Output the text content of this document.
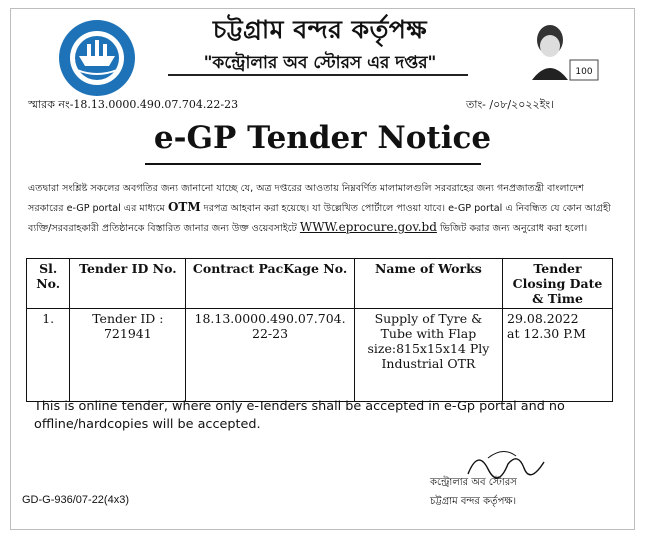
চট্টগ্রাম বন্দর কর্তৃপক্ষ
"কন্ট্রোলার অব স্টোরস এর দপ্তর"	100
স্মারক নং-18.13.0000.490.07.704.22-23	তাং- /০৮/২০২২ইং।
e-GP Tender Notice
এতদ্বারা সংশ্লিষ্ট সকলের অবগতির জন্য জানানো যাচ্ছে যে, অত্র দপ্তরের আওতায় নিম্নবর্ণিত মালামালগুলি সরবরাহের জন্য গনপ্রজাতন্ত্রী বাংলাদেশ সরকারের e-GP portal এর মাধ্যমে OTM দরপত্র আহবান করা হয়েছে। যা উল্লেখিত পোর্টালে পাওয়া যাবে। e-GP portal এ নিবন্ধিত যে কোন আগ্রহী ব্যক্তি/সরবরাহকারী প্রতিষ্ঠানকে বিস্তারিত জানার জন্য উক্ত ওয়েবসাইটে WWW.eprocure.gov.bd ভিজিট করার জন্য অনুরোধ করা হলো।
Sl. No.	Tender ID No.	Contract PacKage No.	Name of Works	Tender Closing Date & Time
1.	Tender ID : 721941	18.13.0000.490.07.704. 22-23	Supply of Tyre & Tube with Flap size:815x15x14 Ply Industrial OTR	29.08.2022
at 12.30 P.M
This is online tender, where only e-Tenders shall be accepted in e-Gp portal and no offline/hardcopies will be accepted.
কন্ট্রোলার অব স্টোরস
চট্টগ্রাম বন্দর কর্তৃপক্ষ।
GD-G-936/07-22(4x3)
